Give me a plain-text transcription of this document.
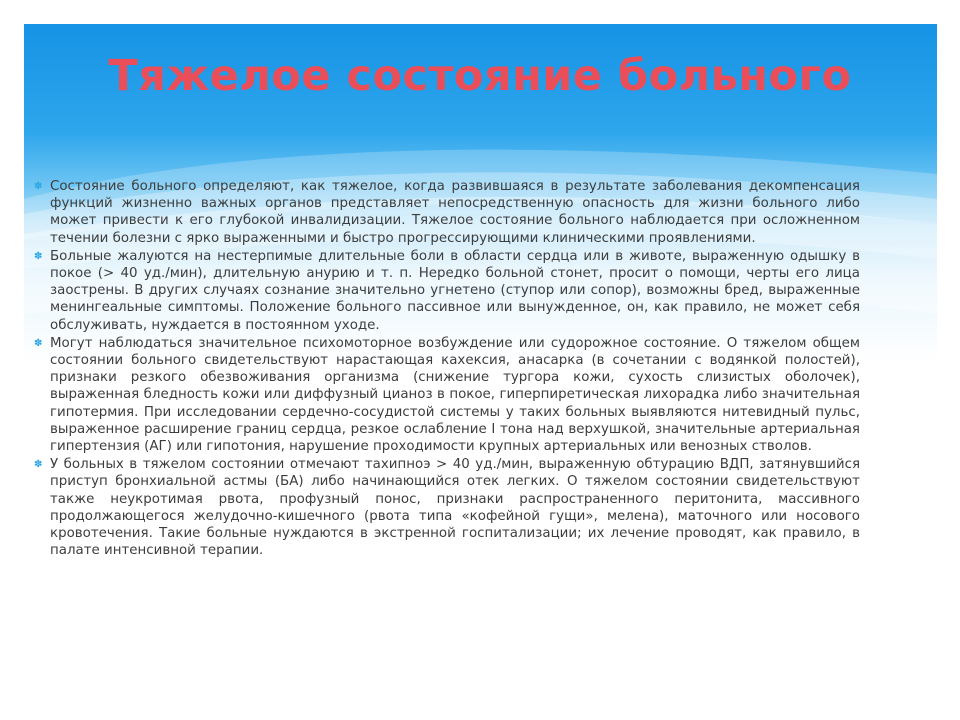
Тяжелое состояние больного
✽ Состояние больного определяют, как тяжелое, когда развившаяся в результате заболевания декомпенсация функций жизненно важных органов представляет непосредственную опасность для жизни больного либо может привести к его глубокой инвалидизации. Тяжелое состояние больного наблюдается при осложненном течении болезни с ярко выраженными и быстро прогрессирующими клиническими проявлениями.
✽ Больные жалуются на нестерпимые длительные боли в области сердца или в животе, выраженную одышку в покое (> 40 уд./мин), длительную анурию и т. п. Нередко больной стонет, просит о помощи, черты его лица заострены. В других случаях сознание значительно угнетено (ступор или сопор), возможны бред, выраженные менингеальные симптомы. Положение больного пассивное или вынужденное, он, как правило, не может себя обслуживать, нуждается в постоянном уходе.
✽ Могут наблюдаться значительное психомоторное возбуждение или судорожное состояние. О тяжелом общем состоянии больного свидетельствуют нарастающая кахексия, анасарка (в сочетании с водянкой полостей), признаки резкого обезвоживания организма (снижение тургора кожи, сухость слизистых оболочек), выраженная бледность кожи или диффузный цианоз в покое, гиперпиретическая лихорадка либо значительная гипотермия. При исследовании сердечно-сосудистой системы у таких больных выявляются нитевидный пульс, выраженное расширение границ сердца, резкое ослабление I тона над верхушкой, значительные артериальная гипертензия (АГ) или гипотония, нарушение проходимости крупных артериальных или венозных стволов.
✽ У больных в тяжелом состоянии отмечают тахипноэ > 40 уд./мин, выраженную обтурацию ВДП, затянувшийся приступ бронхиальной астмы (БА) либо начинающийся отек легких. О тяжелом состоянии свидетельствуют также неукротимая рвота, профузный понос, признаки распространенного перитонита, массивного продолжающегося желудочно-кишечного (рвота типа «кофейной гущи», мелена), маточного или носового кровотечения. Такие больные нуждаются в экстренной госпитализации; их лечение проводят, как правило, в палате интенсивной терапии.
